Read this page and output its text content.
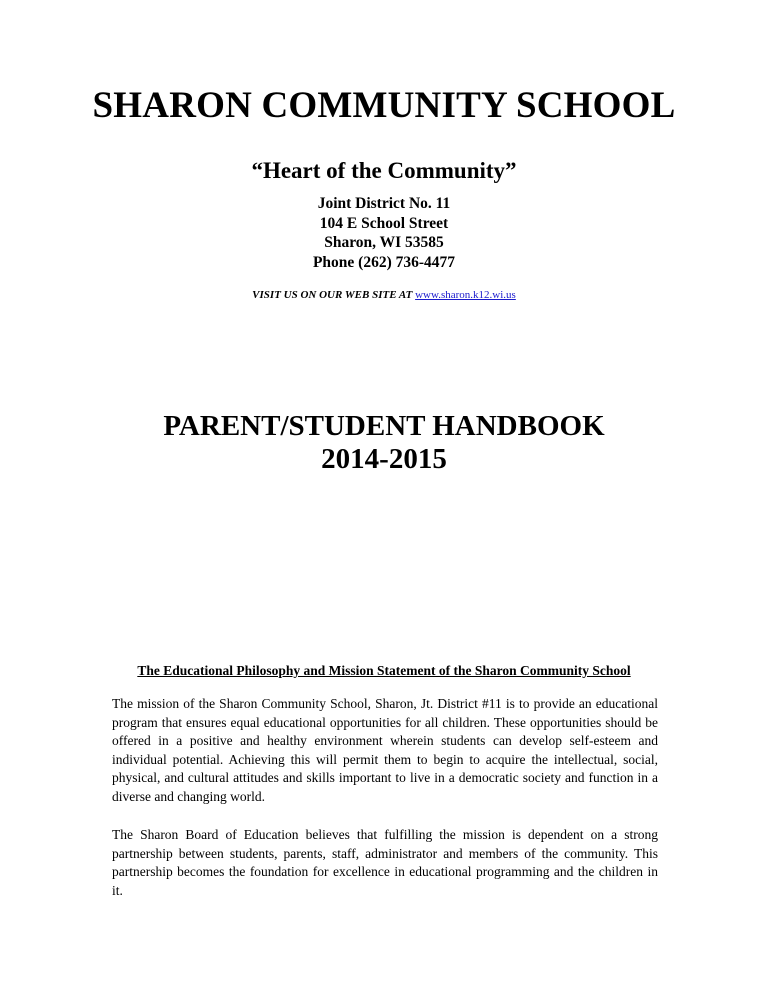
SHARON COMMUNITY SCHOOL
“Heart of the Community”
Joint District No. 11
104 E School Street
Sharon, WI 53585
Phone (262) 736-4477
VISIT US ON OUR WEB SITE AT www.sharon.k12.wi.us
PARENT/STUDENT HANDBOOK
2014-2015
The Educational Philosophy and Mission Statement of the Sharon Community School

The mission of the Sharon Community School, Sharon, Jt. District #11 is to provide an educational program that ensures equal educational opportunities for all children. These opportunities should be offered in a positive and healthy environment wherein students can develop self-esteem and individual potential. Achieving this will permit them to begin to acquire the intellectual, social, physical, and cultural attitudes and skills important to live in a democratic society and function in a diverse and changing world.

The Sharon Board of Education believes that fulfilling the mission is dependent on a strong partnership between students, parents, staff, administrator and members of the community. This partnership becomes the foundation for excellence in educational programming and the children in it.
